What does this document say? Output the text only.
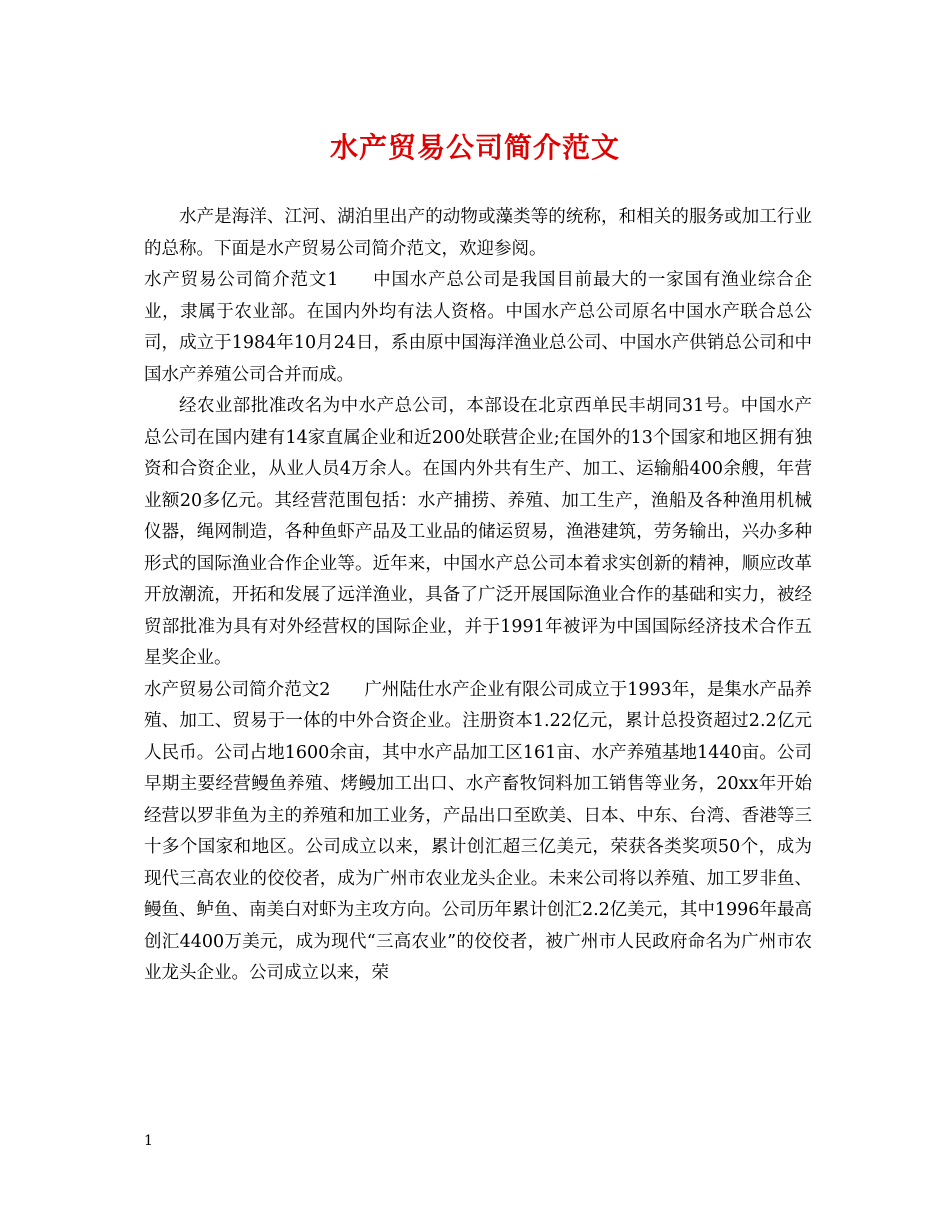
水产贸易公司简介范文

水产是海洋、江河、湖泊里出产的动物或藻类等的统称，和相关的服务或加工行业的总称。下面是水产贸易公司简介范文，欢迎参阅。

水产贸易公司简介范文1 中国水产总公司是我国目前最大的一家国有渔业综合企业，隶属于农业部。在国内外均有法人资格。中国水产总公司原名中国水产联合总公司，成立于1984年10月24日，系由原中国海洋渔业总公司、中国水产供销总公司和中国水产养殖公司合并而成。

经农业部批准改名为中水产总公司，本部设在北京西单民丰胡同31号。中国水产总公司在国内建有14家直属企业和近200处联营企业;在国外的13个国家和地区拥有独资和合资企业，从业人员4万余人。在国内外共有生产、加工、运输船400余艘，年营业额20多亿元。其经营范围包括：水产捕捞、养殖、加工生产，渔船及各种渔用机械仪器，绳网制造，各种鱼虾产品及工业品的储运贸易，渔港建筑，劳务输出，兴办多种形式的国际渔业合作企业等。近年来，中国水产总公司本着求实创新的精神，顺应改革开放潮流，开拓和发展了远洋渔业，具备了广泛开展国际渔业合作的基础和实力，被经贸部批准为具有对外经营权的国际企业，并于1991年被评为中国国际经济技术合作五星奖企业。

水产贸易公司简介范文2 广州陆仕水产企业有限公司成立于1993年，是集水产品养殖、加工、贸易于一体的中外合资企业。注册资本1.22亿元，累计总投资超过2.2亿元人民币。公司占地1600余亩，其中水产品加工区161亩、水产养殖基地1440亩。公司早期主要经营鳗鱼养殖、烤鳗加工出口、水产畜牧饲料加工销售等业务，20xx年开始经营以罗非鱼为主的养殖和加工业务，产品出口至欧美、日本、中东、台湾、香港等三十多个国家和地区。公司成立以来，累计创汇超三亿美元，荣获各类奖项50个，成为现代三高农业的佼佼者，成为广州市农业龙头企业。未来公司将以养殖、加工罗非鱼、鳗鱼、鲈鱼、南美白对虾为主攻方向。公司历年累计创汇2.2亿美元，其中1996年最高创汇4400万美元，成为现代“三高农业”的佼佼者，被广州市人民政府命名为广州市农业龙头企业。公司成立以来，荣

1
